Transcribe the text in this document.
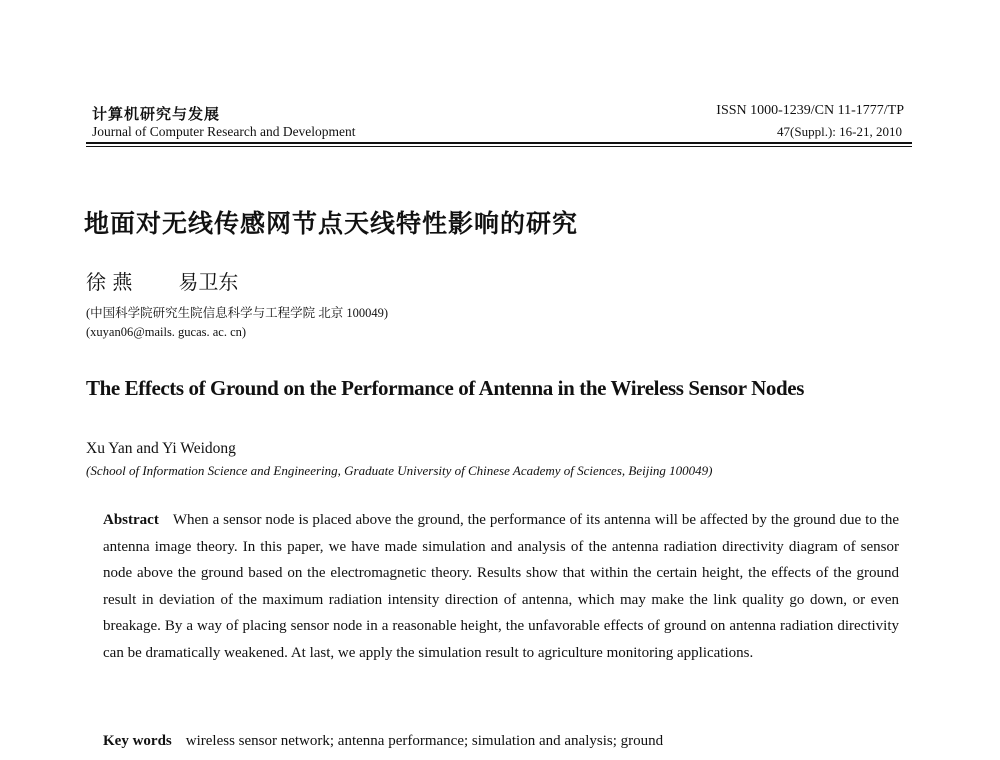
计算机研究与发展
Journal of Computer Research and Development
ISSN 1000-1239/CN 11-1777/TP
47(Suppl.): 16-21, 2010
地面对无线传感网节点天线特性影响的研究
徐 燕 易卫东
(中国科学院研究生院信息科学与工程学院 北京 100049)
(xuyan06@mails. gucas. ac. cn)
The Effects of Ground on the Performance of Antenna in the Wireless Sensor Nodes
Xu Yan and Yi Weidong
(School of Information Science and Engineering, Graduate University of Chinese Academy of Sciences, Beijing 100049)
Abstract When a sensor node is placed above the ground, the performance of its antenna will be affected by the ground due to the antenna image theory. In this paper, we have made simulation and analysis of the antenna radiation directivity diagram of sensor node above the ground based on the electromagnetic theory. Results show that within the certain height, the effects of the ground result in deviation of the maximum radiation intensity direction of antenna, which may make the link quality go down, or even breakage. By a way of placing sensor node in a reasonable height, the unfavorable effects of ground on antenna radiation directivity can be dramatically weakened. At last, we apply the simulation result to agriculture monitoring applications.
Key words wireless sensor network; antenna performance; simulation and analysis; ground
